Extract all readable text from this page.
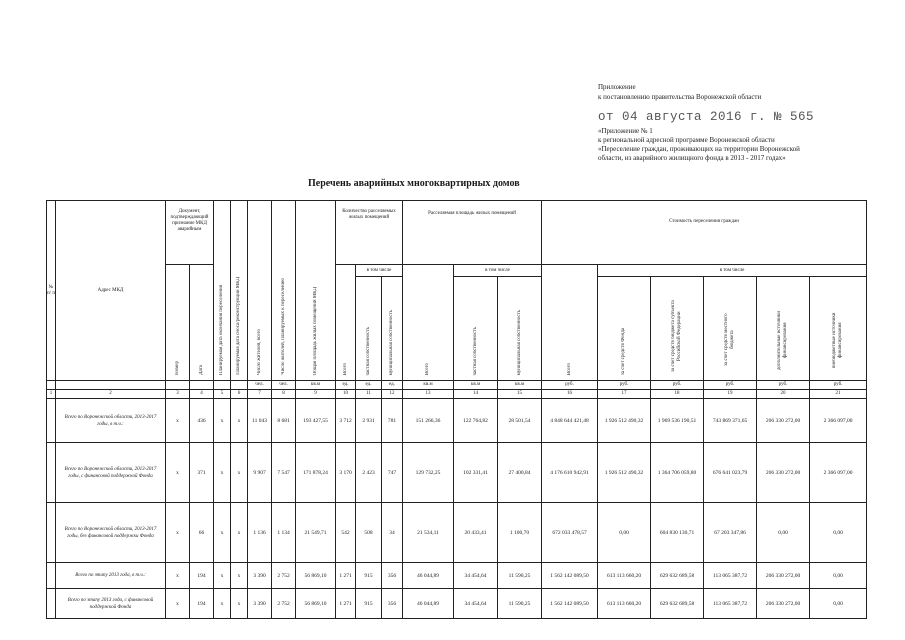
Приложение
к постановлению правительства Воронежской области
от 04 августа 2016 г. № 565
«Приложение № 1
к региональной адресной программе Воронежской области
«Переселение граждан, проживающих на территории Воронежской
области, из аварийного жилищного фонда в 2013 - 2017 годах»
Перечень аварийных многоквартирных домов
№ п/ п	Адрес МКД	Документ, подтверждающий признание МКД аварийным		Планируемая дата окончания переселения	Планируемая дата сноса/реконструкции МКД	Число жителей, всего	Число жителей, планируемых к переселению	Общая площадь жилых помещений МКД	Количество расселяемых жилых помещений			Расселяемая площадь жилых помещений			Стоимость переселения граждан					
		Номер	Дата						Всего	в том числе		Всего	в том числе		Всего	в том числе				
										частная собственность	муниципальная собственность		частная собственность	муниципальная собственность		за счет средств Фонда	за счет средств бюджета субъекта Российской Федерации	за счет средств местного бюджета	дополнительные источники финансирования	внебюджетные источники финансирования
						чел.	чел.	кв.м	ед.	ед.	ед.	кв.м	кв.м	кв.м	руб.	руб.	руб.	руб.	руб.	руб.
1	2	3	4	5	6	7	8	9	10	11	12	13	14	15	16	17	18	19	20	21
	Всего по Воронежской области, 2013-2017 годы, в т.ч.:	x	436	x	x	11 043	8 681	193 427,55	3 712	2 931	781	151 266,36	122 764,82	28 501,54	4 848 644 421,48	1 926 512 490,32	1 969 536 190,51	743 869 371,65	206 330 272,00	2 366 097,00
	Всего по Воронежской области, 2013-2017 годы, с финансовой поддержкой Фонда	x	371	x	x	9 907	7 547	171 878,24	3 170	2 423	747	129 732,25	102 331,41	27 400,84	4 176 610 942,91	1 926 512 490,32	1 364 706 059,80	676 641 023,79	206 330 272,00	2 366 097,00
	Всего по Воронежской области, 2013-2017 годы, без финансовой поддержки Фонда	x	66	x	x	1 136	1 134	21 549,71	542	508	34	21 534,11	20 433,41	1 100,70	672 033 478,57	0,00	604 830 130,71	67 203 347,86	0,00	0,00
	Всего по этапу 2013 года, в т.ч.:	x	194	x	x	3 390	2 752	56 869,10	1 271	915	356	46 044,89	34 454,64	11 590,25	1 562 142 089,50	613 113 660,20	629 632 689,58	113 065 387,72	206 330 272,00	0,00
	Всего по этапу 2013 года, с финансовой поддержкой Фонда	x	194	x	x	3 390	2 752	56 869,10	1 271	915	356	46 044,89	34 454,64	11 590,25	1 562 142 089,50	613 113 660,20	629 632 689,58	113 065 387,72	206 330 272,00	0,00
